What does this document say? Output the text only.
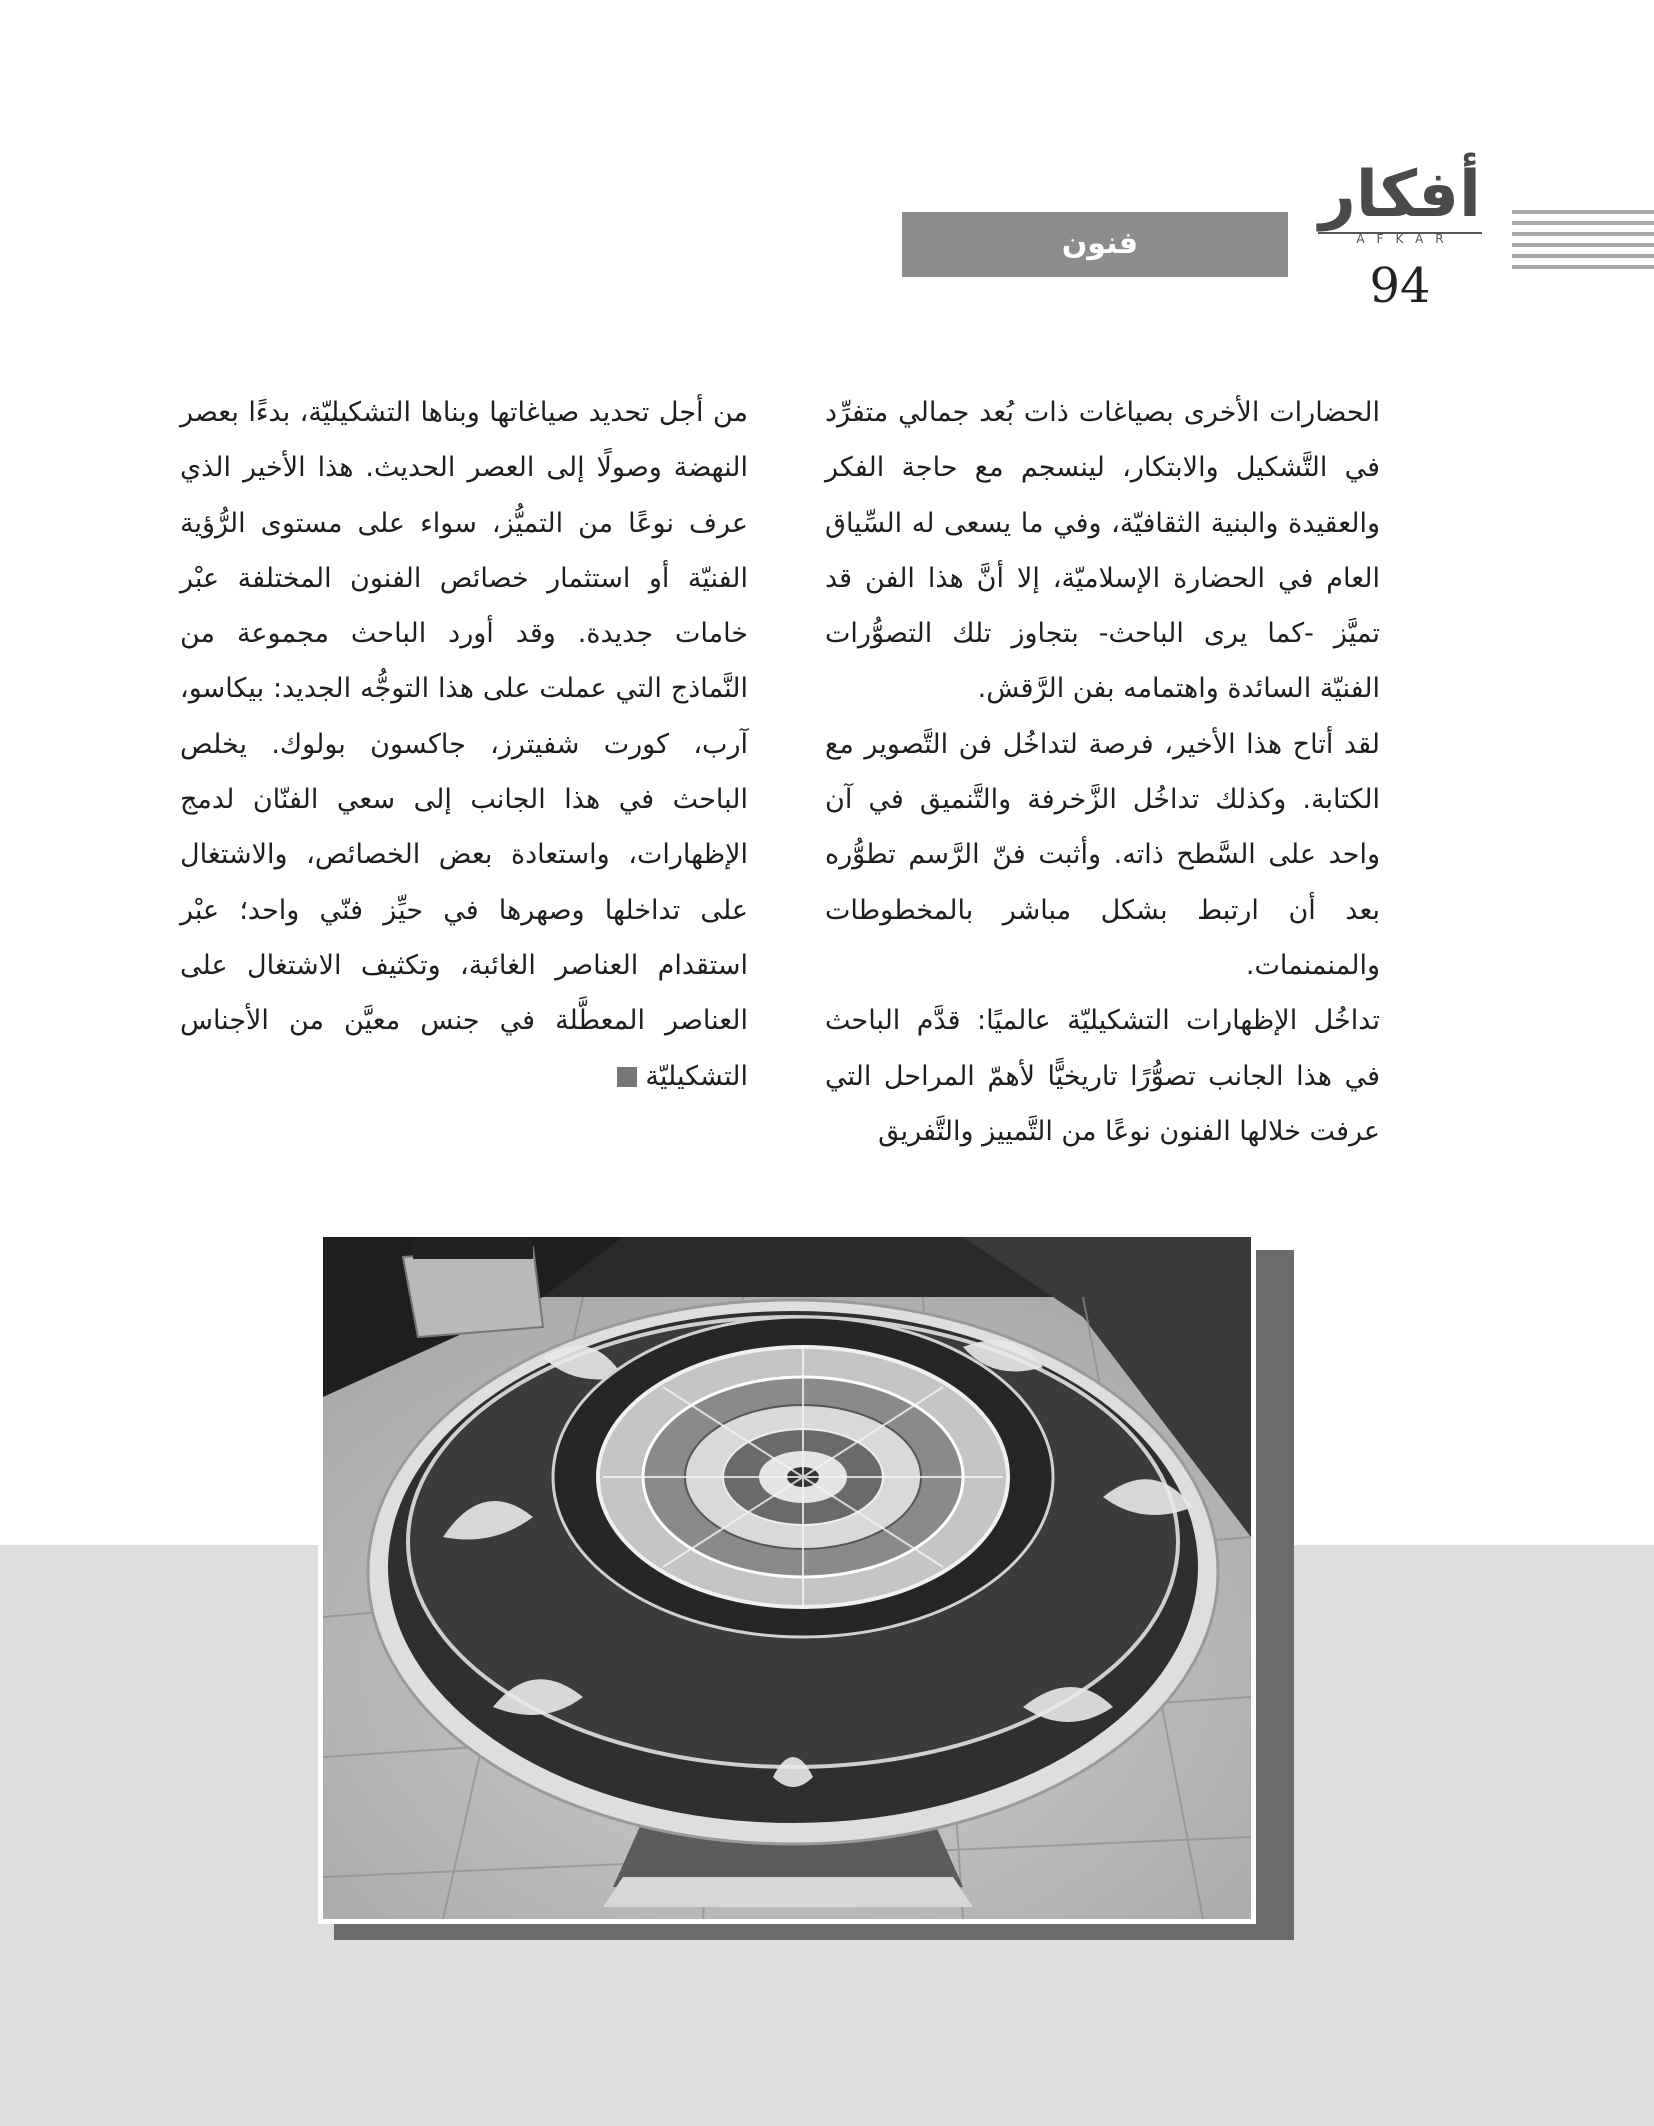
أفكار
AFKAR
94
فنون

الحضارات الأخرى بصياغات ذات بُعد جمالي متفرِّد في التَّشكيل والابتكار، لينسجم مع حاجة الفكر والعقيدة والبنية الثقافيّة، وفي ما يسعى له السِّياق العام في الحضارة الإسلاميّة، إلا أنَّ هذا الفن قد تميَّز -كما يرى الباحث- بتجاوز تلك التصوُّرات الفنيّة السائدة واهتمامه بفن الرَّقش.

لقد أتاح هذا الأخير، فرصة لتداخُل فن التَّصوير مع الكتابة. وكذلك تداخُل الزَّخرفة والتَّنميق في آن واحد على السَّطح ذاته. وأثبت فنّ الرَّسم تطوُّره بعد أن ارتبط بشكل مباشر بالمخطوطات والمنمنمات.

تداخُل الإظهارات التشكيليّة عالميًا: قدَّم الباحث في هذا الجانب تصوُّرًا تاريخيًّا لأهمّ المراحل التي عرفت خلالها الفنون نوعًا من التَّمييز والتَّفريق

من أجل تحديد صياغاتها وبناها التشكيليّة، بدءًا بعصر النهضة وصولًا إلى العصر الحديث. هذا الأخير الذي عرف نوعًا من التميُّز، سواء على مستوى الرُّؤية الفنيّة أو استثمار خصائص الفنون المختلفة عبْر خامات جديدة. وقد أورد الباحث مجموعة من النَّماذج التي عملت على هذا التوجُّه الجديد: بيكاسو، آرب، كورت شفيترز، جاكسون بولوك. يخلص الباحث في هذا الجانب إلى سعي الفنّان لدمج الإظهارات، واستعادة بعض الخصائص، والاشتغال على تداخلها وصهرها في حيِّز فنّي واحد؛ عبْر استقدام العناصر الغائبة، وتكثيف الاشتغال على العناصر المعطَّلة في جنس معيَّن من الأجناس التشكيليّة
